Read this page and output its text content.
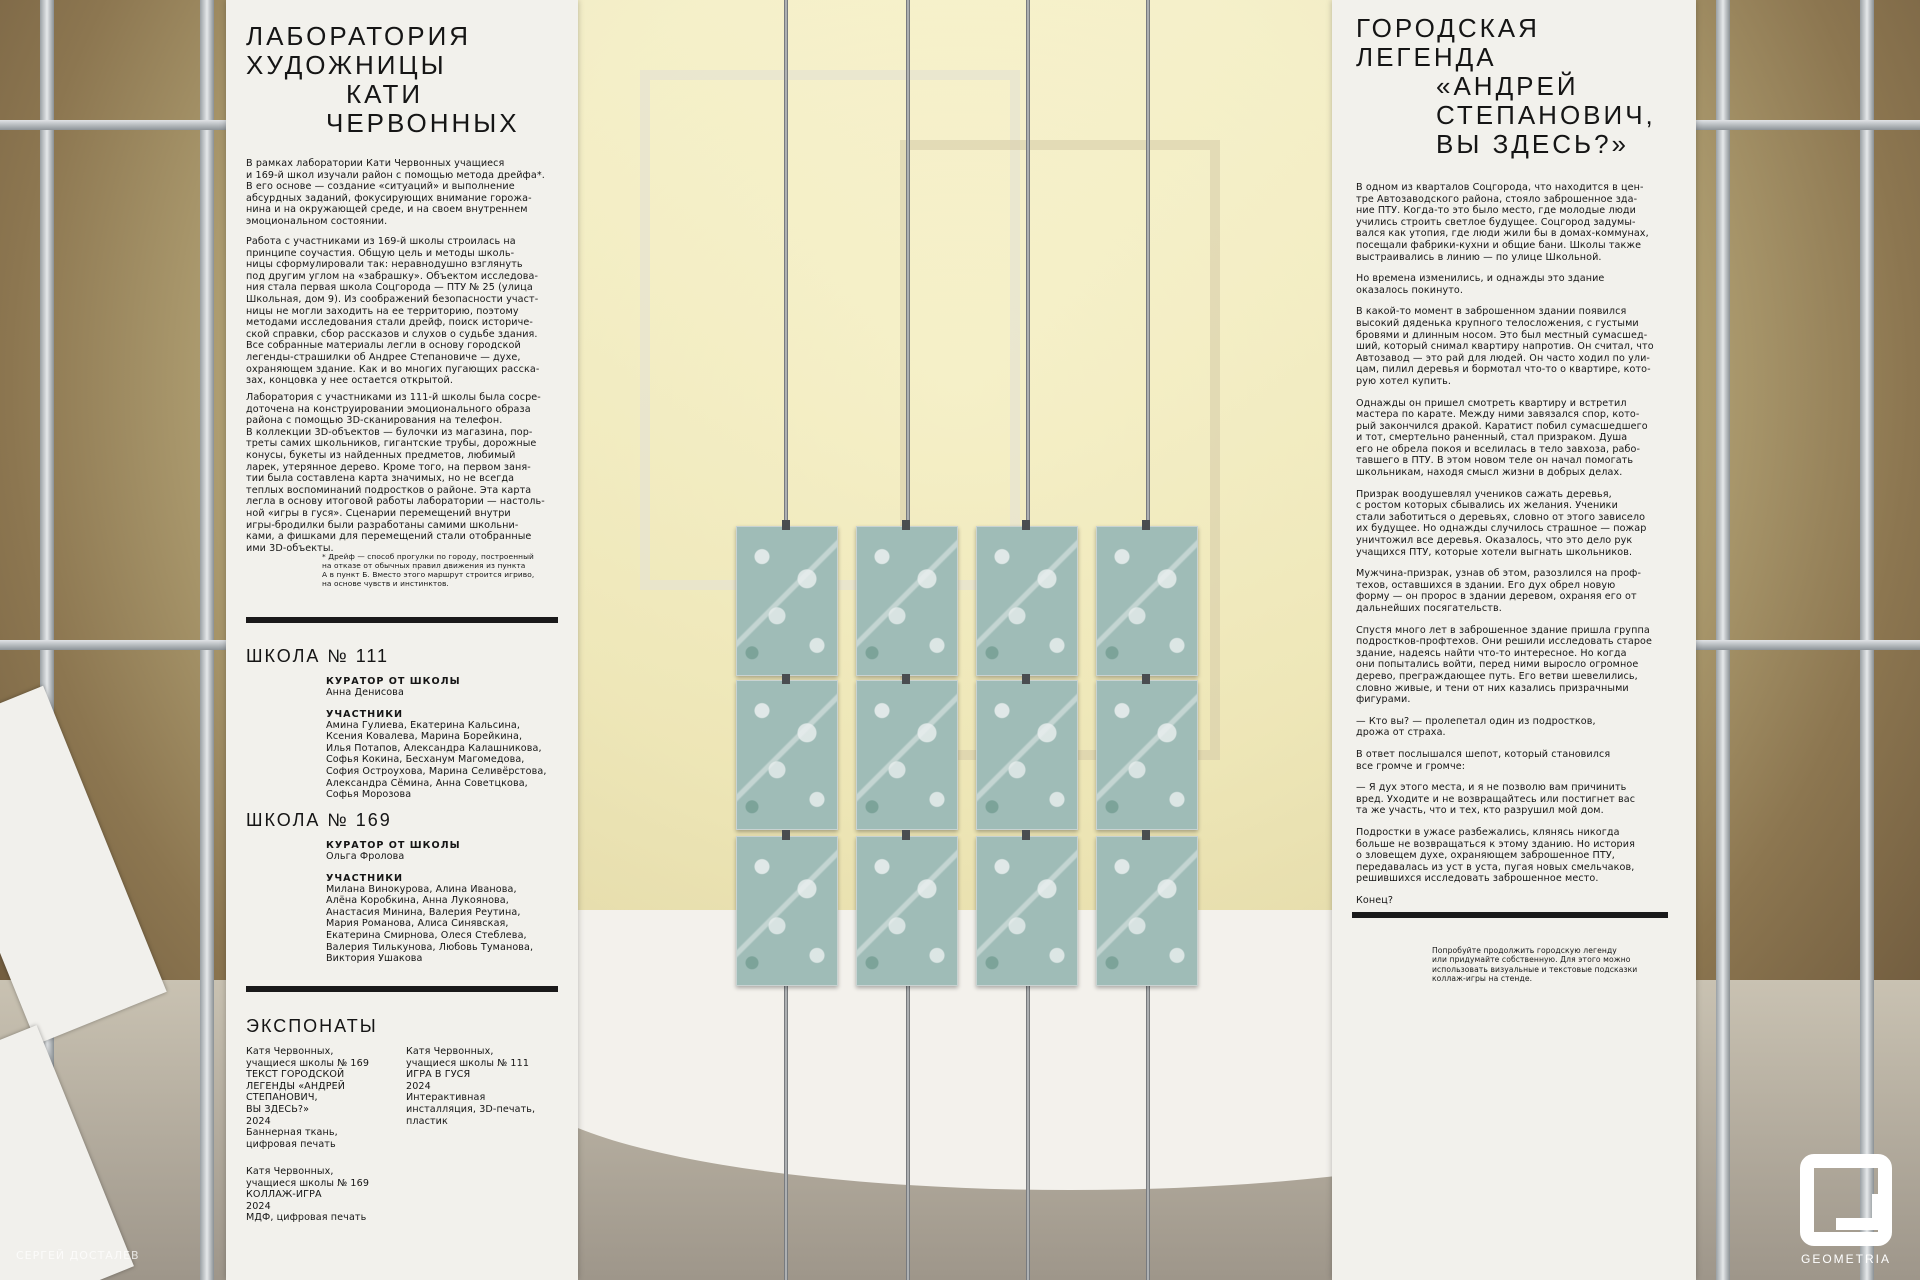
ЛАБОРАТОРИЯ
ХУДОЖНИЦЫ
КАТИ
ЧЕРВОННЫХ
В рамках лаборатории Кати Червонных учащиеся
и 169-й школ изучали район с помощью метода дрейфа*.
В его основе — создание «ситуаций» и выполнение
абсурдных заданий, фокусирующих внимание горожа-
нина и на окружающей среде, и на своем внутреннем
эмоциональном состоянии.
Работа с участниками из 169-й школы строилась на
принципе соучастия. Общую цель и методы школь-
ницы сформулировали так: неравнодушно взглянуть
под другим углом на «забрашку». Объектом исследова-
ния стала первая школа Соцгорода — ПТУ № 25 (улица
Школьная, дом 9). Из соображений безопасности участ-
ницы не могли заходить на ее территорию, поэтому
методами исследования стали дрейф, поиск историче-
ской справки, сбор рассказов и слухов о судьбе здания.
Все собранные материалы легли в основу городской
легенды-страшилки об Андрее Степановиче — духе,
охраняющем здание. Как и во многих пугающих расска-
зах, концовка у нее остается открытой.
Лаборатория с участниками из 111-й школы была сосре-
доточена на конструировании эмоционального образа
района с помощью 3D-сканирования на телефон.
В коллекции 3D-объектов — булочки из магазина, пор-
треты самих школьников, гигантские трубы, дорожные
конусы, букеты из найденных предметов, любимый
ларек, утерянное дерево. Кроме того, на первом заня-
тии была составлена карта значимых, но не всегда
теплых воспоминаний подростков о районе. Эта карта
легла в основу итоговой работы лаборатории — настоль-
ной «игры в гуся». Сценарии перемещений внутри
игры-бродилки были разработаны самими школьни-
ками, а фишками для перемещений стали отобранные
ими 3D-объекты.
* Дрейф — способ прогулки по городу, построенный
на отказе от обычных правил движения из пункта
А в пункт Б. Вместо этого маршрут строится игриво,
на основе чувств и инстинктов.
ШКОЛА № 111
КУРАТОР ОТ ШКОЛЫ
Анна Денисова
УЧАСТНИКИ
Амина Гулиева, Екатерина Кальсина,
Ксения Ковалева, Марина Борейкина,
Илья Потапов, Александра Калашникова,
Софья Кокина, Бесханум Магомедова,
София Остроухова, Марина Селивёрстова,
Александра Сёмина, Анна Советцкова,
Софья Морозова
ШКОЛА № 169
КУРАТОР ОТ ШКОЛЫ
Ольга Фролова
УЧАСТНИКИ
Милана Винокурова, Алина Иванова,
Алёна Коробкина, Анна Лукоянова,
Анастасия Минина, Валерия Реутина,
Мария Романова, Алиса Синявская,
Екатерина Смирнова, Олеся Стеблева,
Валерия Тилькунова, Любовь Туманова,
Виктория Ушакова
ЭКСПОНАТЫ
Катя Червонных,
учащиеся школы № 169
ТЕКСТ ГОРОДСКОЙ
ЛЕГЕНДЫ «АНДРЕЙ
СТЕПАНОВИЧ,
ВЫ ЗДЕСЬ?»
2024
Баннерная ткань,
цифровая печать
Катя Червонных,
учащиеся школы № 111
ИГРА В ГУСЯ
2024
Интерактивная
инсталляция, 3D-печать,
пластик
Катя Червонных,
учащиеся школы № 169
КОЛЛАЖ-ИГРА
2024
МДФ, цифровая печать
ГОРОДСКАЯ
ЛЕГЕНДА
«АНДРЕЙ
СТЕПАНОВИЧ,
ВЫ ЗДЕСЬ?»
В одном из кварталов Соцгорода, что находится в цен-
тре Автозаводского района, стояло заброшенное зда-
ние ПТУ. Когда-то это было место, где молодые люди
учились строить светлое будущее. Соцгород задумы-
вался как утопия, где люди жили бы в домах-коммунах,
посещали фабрики-кухни и общие бани. Школы также
выстраивались в линию — по улице Школьной.
Но времена изменились, и однажды это здание
оказалось покинуто.
В какой-то момент в заброшенном здании появился
высокий дяденька крупного телосложения, с густыми
бровями и длинным носом. Это был местный сумасшед-
ший, который снимал квартиру напротив. Он считал, что
Автозавод — это рай для людей. Он часто ходил по ули-
цам, пилил деревья и бормотал что-то о квартире, кото-
рую хотел купить.
Однажды он пришел смотреть квартиру и встретил
мастера по карате. Между ними завязался спор, кото-
рый закончился дракой. Каратист побил сумасшедшего
и тот, смертельно раненный, стал призраком. Душа
его не обрела покоя и вселилась в тело завхоза, рабо-
тавшего в ПТУ. В этом новом теле он начал помогать
школьникам, находя смысл жизни в добрых делах.
Призрак воодушевлял учеников сажать деревья,
с ростом которых сбывались их желания. Ученики
стали заботиться о деревьях, словно от этого зависело
их будущее. Но однажды случилось страшное — пожар
уничтожил все деревья. Оказалось, что это дело рук
учащихся ПТУ, которые хотели выгнать школьников.
Мужчина-призрак, узнав об этом, разозлился на проф-
техов, оставшихся в здании. Его дух обрел новую
форму — он пророс в здании деревом, охраняя его от
дальнейших посягательств.
Спустя много лет в заброшенное здание пришла группа
подростков-профтехов. Они решили исследовать старое
здание, надеясь найти что-то интересное. Но когда
они попытались войти, перед ними выросло огромное
дерево, преграждающее путь. Его ветви шевелились,
словно живые, и тени от них казались призрачными
фигурами.
— Кто вы? — пролепетал один из подростков,
дрожа от страха.
В ответ послышался шепот, который становился
все громче и громче:
— Я дух этого места, и я не позволю вам причинить
вред. Уходите и не возвращайтесь или постигнет вас
та же участь, что и тех, кто разрушил мой дом.
Подростки в ужасе разбежались, клянясь никогда
больше не возвращаться к этому зданию. Но история
о зловещем духе, охраняющем заброшенное ПТУ,
передавалась из уст в уста, пугая новых смельчаков,
решившихся исследовать заброшенное место.
Конец?
Попробуйте продолжить городскую легенду
или придумайте собственную. Для этого можно
использовать визуальные и текстовые подсказки
коллаж-игры на стенде.
СЕРГЕЙ ДОСТАЛЕВ	GEOMETRIA
